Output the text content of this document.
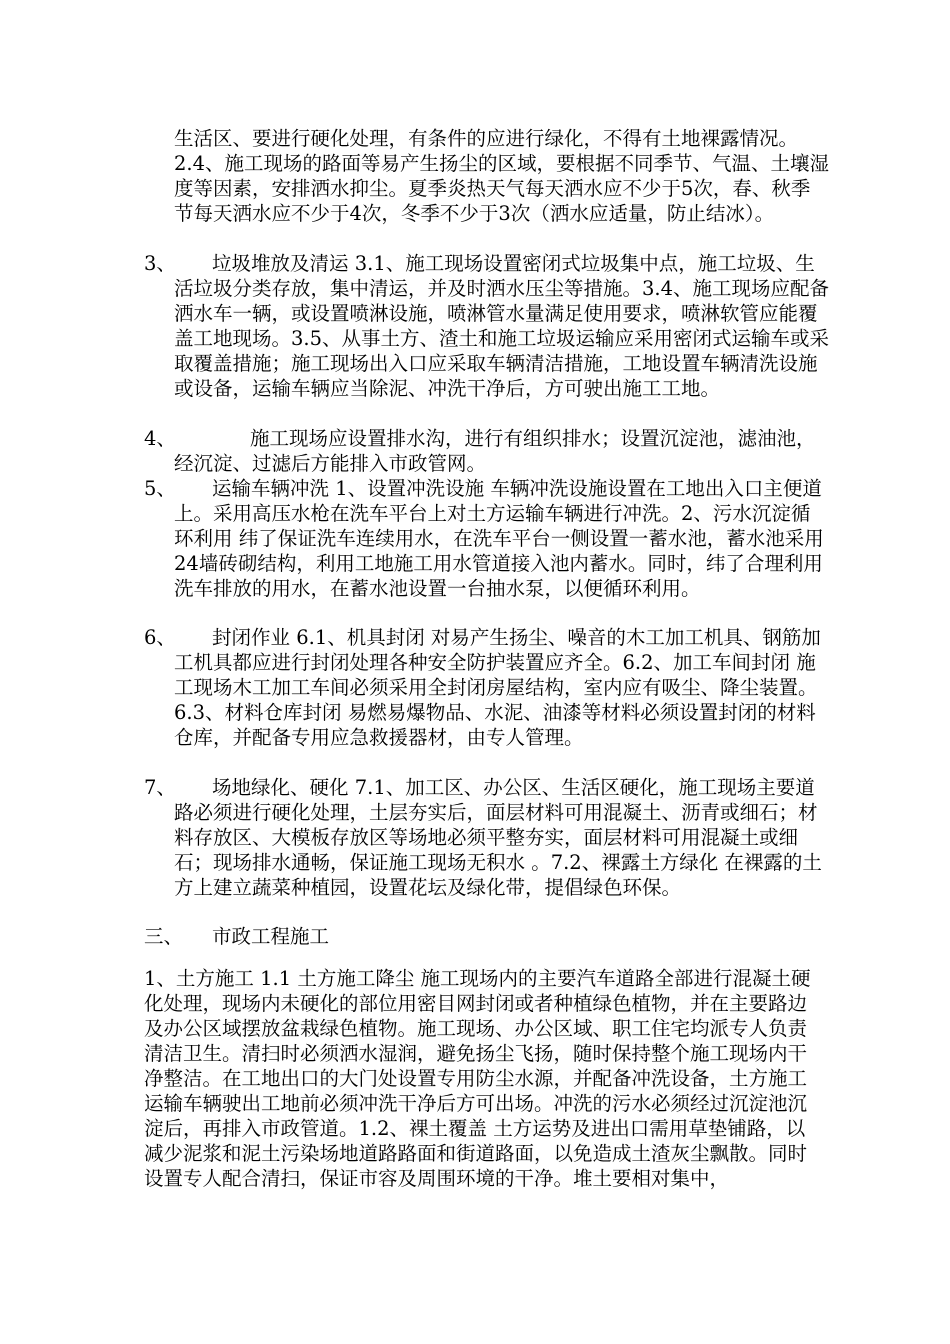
生活区、要进行硬化处理，有条件的应进行绿化，不得有土地裸露情况。2.4、施工现场的路面等易产生扬尘的区域，要根据不同季节、气温、土壤湿度等因素，安排洒水抑尘。夏季炎热天气每天洒水应不少于5次，春、秋季节每天洒水应不少于4次，冬季不少于3次（洒水应适量，防止结冰）。
3、	垃圾堆放及清运 3.1、施工现场设置密闭式垃圾集中点，施工垃圾、生活垃圾分类存放，集中清运，并及时洒水压尘等措施。3.4、施工现场应配备洒水车一辆，或设置喷淋设施，喷淋管水量满足使用要求，喷淋软管应能覆盖工地现场。3.5、从事土方、渣土和施工垃圾运输应采用密闭式运输车或采取覆盖措施；施工现场出入口应采取车辆清洁措施，工地设置车辆清洗设施或设备，运输车辆应当除泥、冲洗干净后，方可驶出施工工地。
4、	施工现场应设置排水沟，进行有组织排水；设置沉淀池，滤油池，经沉淀、过滤后方能排入市政管网。
5、	运输车辆冲洗 1、设置冲洗设施 车辆冲洗设施设置在工地出入口主便道上。采用高压水枪在洗车平台上对土方运输车辆进行冲洗。2、污水沉淀循环利用 纬了保证洗车连续用水，在洗车平台一侧设置一蓄水池，蓄水池采用24墙砖砌结构，利用工地施工用水管道接入池内蓄水。同时，纬了合理利用洗车排放的用水，在蓄水池设置一台抽水泵，以便循环利用。
6、	封闭作业 6.1、机具封闭 对易产生扬尘、噪音的木工加工机具、钢筋加工机具都应进行封闭处理各种安全防护装置应齐全。6.2、加工车间封闭 施工现场木工加工车间必须采用全封闭房屋结构，室内应有吸尘、降尘装置。6.3、材料仓库封闭 易燃易爆物品、水泥、油漆等材料必须设置封闭的材料仓库，并配备专用应急救援器材，由专人管理。
7、	场地绿化、硬化 7.1、加工区、办公区、生活区硬化，施工现场主要道路必须进行硬化处理，土层夯实后，面层材料可用混凝土、沥青或细石；材料存放区、大模板存放区等场地必须平整夯实，面层材料可用混凝土或细石；现场排水通畅，保证施工现场无积水 。7.2、裸露土方绿化 在裸露的土方上建立蔬菜种植园，设置花坛及绿化带，提倡绿色环保。
三、 市政工程施工
1、土方施工 1.1 土方施工降尘 施工现场内的主要汽车道路全部进行混凝土硬化处理，现场内未硬化的部位用密目网封闭或者种植绿色植物，并在主要路边及办公区域摆放盆栽绿色植物。施工现场、办公区域、职工住宅均派专人负责清洁卫生。清扫时必须洒水湿润，避免扬尘飞扬，随时保持整个施工现场内干净整洁。在工地出口的大门处设置专用防尘水源，并配备冲洗设备，土方施工运输车辆驶出工地前必须冲洗干净后方可出场。冲洗的污水必须经过沉淀池沉淀后，再排入市政管道。1.2、裸土覆盖 土方运势及进出口需用草垫铺路，以减少泥浆和泥土污染场地道路路面和街道路面，以免造成土渣灰尘飘散。同时设置专人配合清扫，保证市容及周围环境的干净。堆土要相对集中，
